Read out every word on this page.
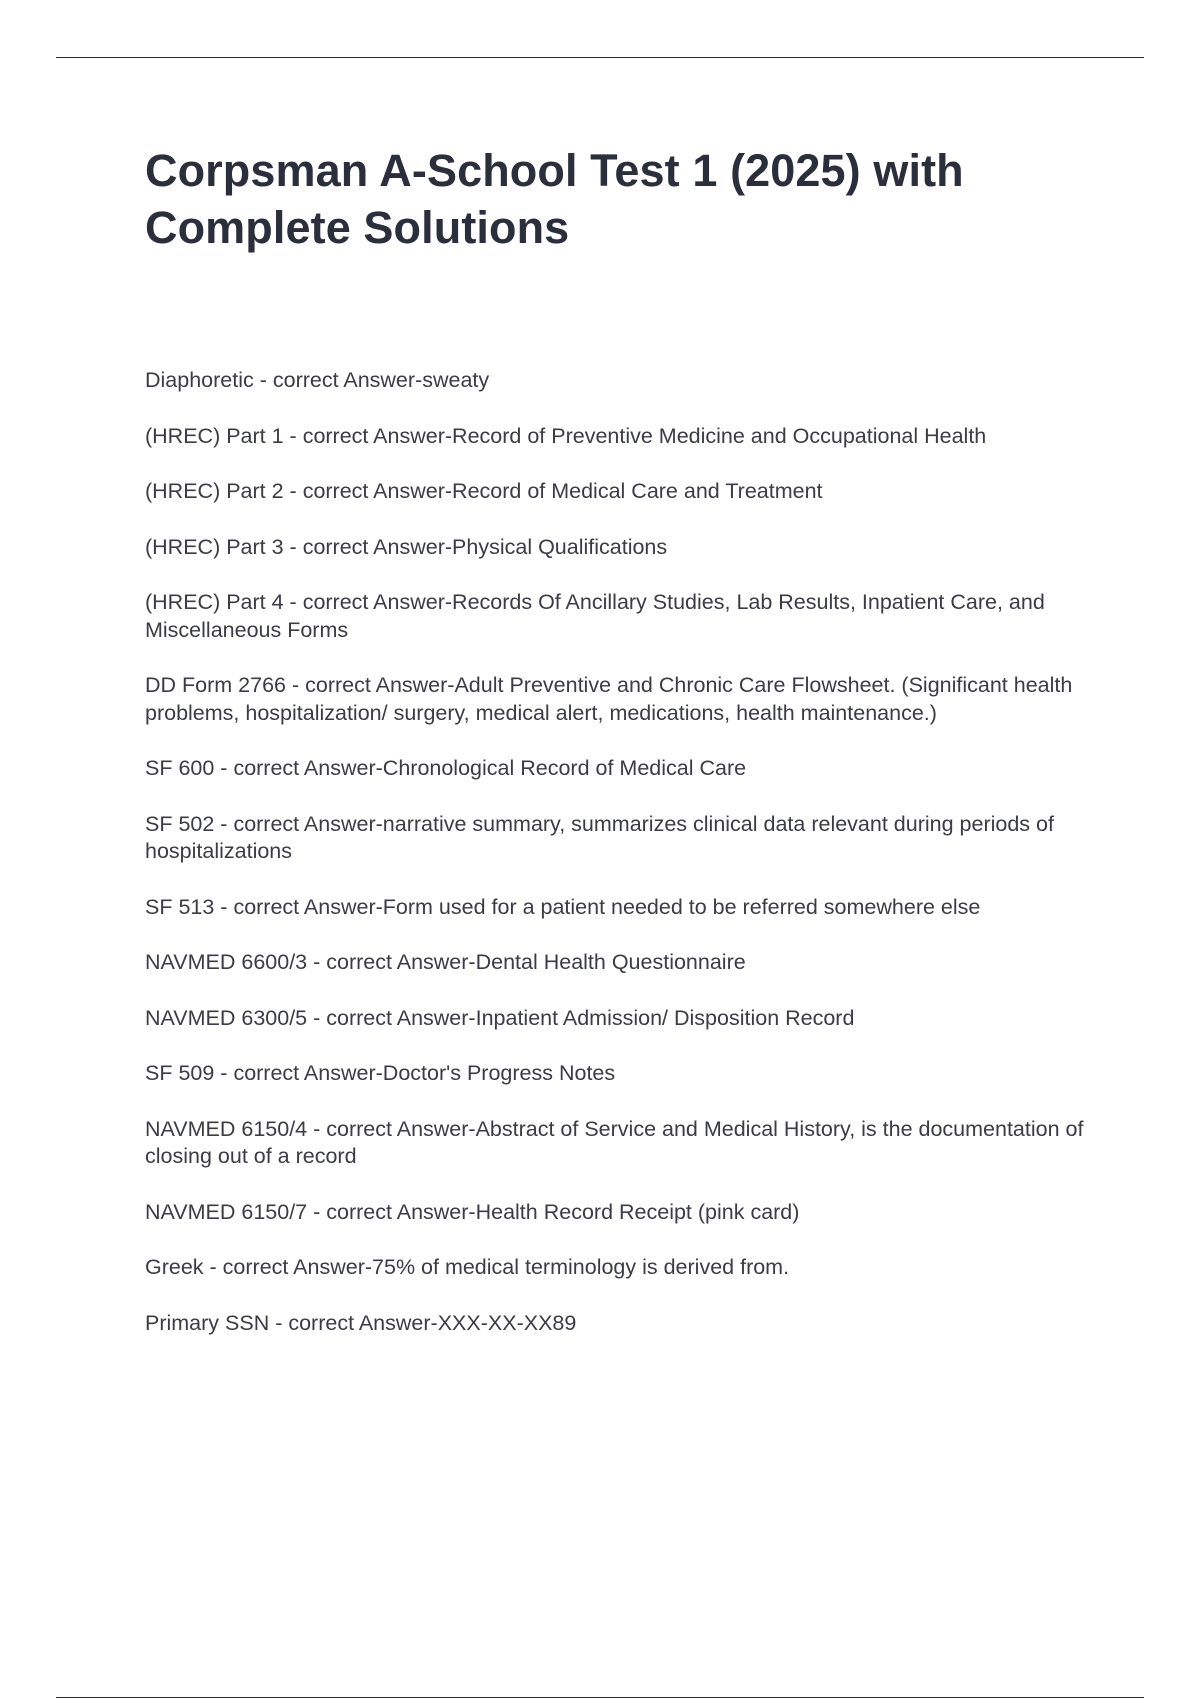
Corpsman A-School Test 1 (2025) with Complete Solutions
Diaphoretic - correct Answer-sweaty
(HREC) Part 1 - correct Answer-Record of Preventive Medicine and Occupational Health
(HREC) Part 2 - correct Answer-Record of Medical Care and Treatment
(HREC) Part 3 - correct Answer-Physical Qualifications
(HREC) Part 4 - correct Answer-Records Of Ancillary Studies, Lab Results, Inpatient Care, and Miscellaneous Forms
DD Form 2766 - correct Answer-Adult Preventive and Chronic Care Flowsheet. (Significant health problems, hospitalization/ surgery, medical alert, medications, health maintenance.)
SF 600 - correct Answer-Chronological Record of Medical Care
SF 502 - correct Answer-narrative summary, summarizes clinical data relevant during periods of hospitalizations
SF 513 - correct Answer-Form used for a patient needed to be referred somewhere else
NAVMED 6600/3 - correct Answer-Dental Health Questionnaire
NAVMED 6300/5 - correct Answer-Inpatient Admission/ Disposition Record
SF 509 - correct Answer-Doctor's Progress Notes
NAVMED 6150/4 - correct Answer-Abstract of Service and Medical History, is the documentation of closing out of a record
NAVMED 6150/7 - correct Answer-Health Record Receipt (pink card)
Greek - correct Answer-75% of medical terminology is derived from.
Primary SSN - correct Answer-XXX-XX-XX89
